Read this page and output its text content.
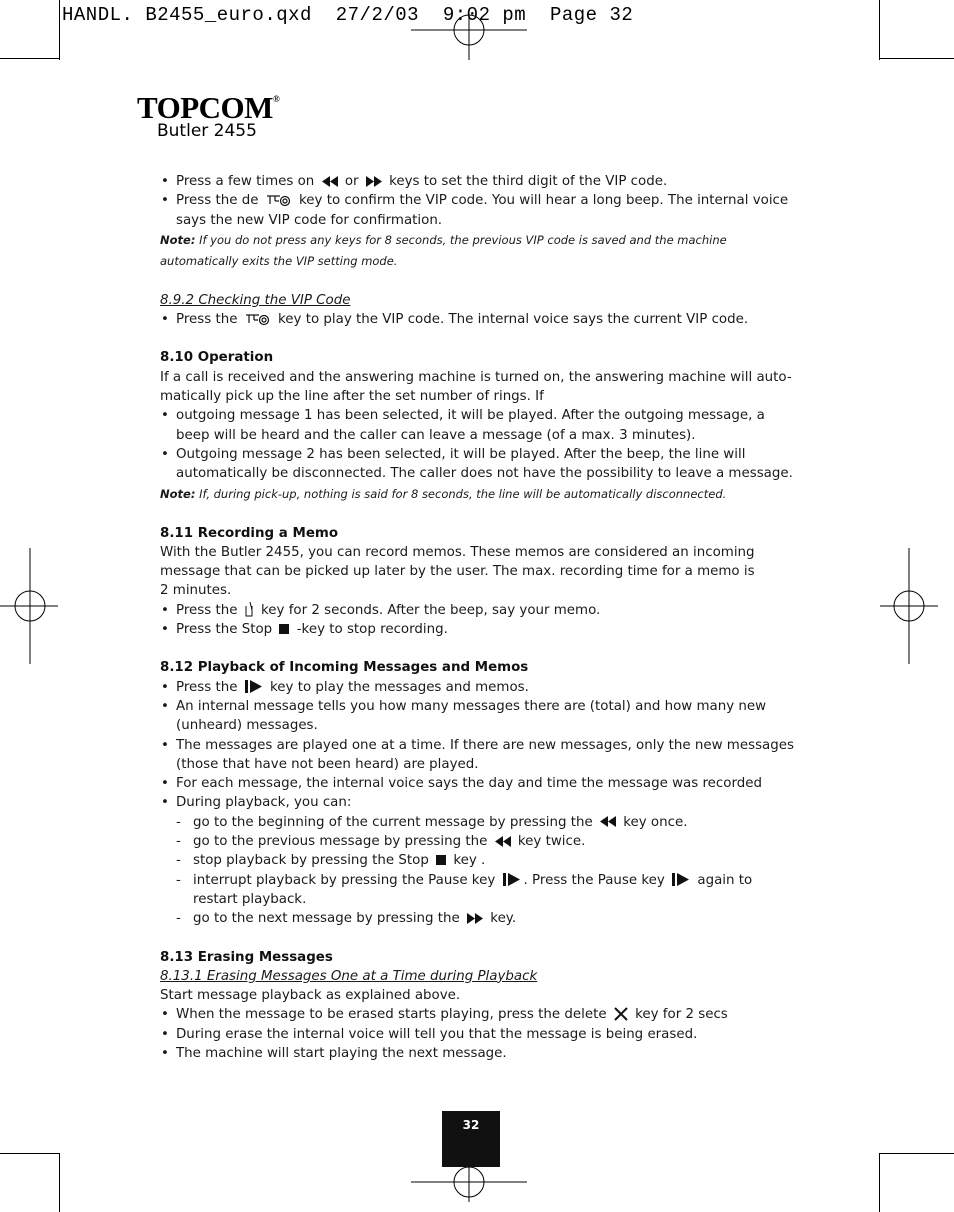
HANDL. B2455_euro.qxd  27/2/03  9:02 pm  Page 32
TOPCOM®
Butler 2455

• Press a few times on or keys to set the third digit of the VIP code.

• Press the de	key to confirm the VIP code. You will hear a long beep. The internal voice says the new VIP code for confirmation.

Note: If you do not press any keys for 8 seconds, the previous VIP code is saved and the machine automatically exits the VIP setting mode.

8.9.2 Checking the VIP Code

• Press the	key to play the VIP code. The internal voice says the current VIP code.

8.10 Operation

If a call is received and the answering machine is turned on, the answering machine will auto-matically pick up the line after the set number of rings. If

• outgoing message 1 has been selected, it will be played. After the outgoing message, a beep will be heard and the caller can leave a message (of a max. 3 minutes).

• Outgoing message 2 has been selected, it will be played. After the beep, the line will automatically be disconnected. The caller does not have the possibility to leave a message.

Note: If, during pick-up, nothing is said for 8 seconds, the line will be automatically disconnected.

8.11 Recording a Memo

With the Butler 2455, you can record memos. These memos are considered an incoming message that can be picked up later by the user. The max. recording time for a memo is 2 minutes.

• Press the key for 2 seconds. After the beep, say your memo.

• Press the Stop -key to stop recording.

8.12 Playback of Incoming Messages and Memos

• Press the key to play the messages and memos.

• An internal message tells you how many messages there are (total) and how many new (unheard) messages.

• The messages are played one at a time. If there are new messages, only the new messages (those that have not been heard) are played.

• For each message, the internal voice says the day and time the message was recorded

• During playback, you can:

- go to the beginning of the current message by pressing the key once.

- go to the previous message by pressing the key twice.

- stop playback by pressing the Stop key .

- interrupt playback by pressing the Pause key . Press the Pause key again to restart playback.

- go to the next message by pressing the key.

8.13 Erasing Messages

8.13.1 Erasing Messages One at a Time during Playback

Start message playback as explained above.

• When the message to be erased starts playing, press the delete key for 2 secs

• During erase the internal voice will tell you that the message is being erased.

• The machine will start playing the next message.

32
